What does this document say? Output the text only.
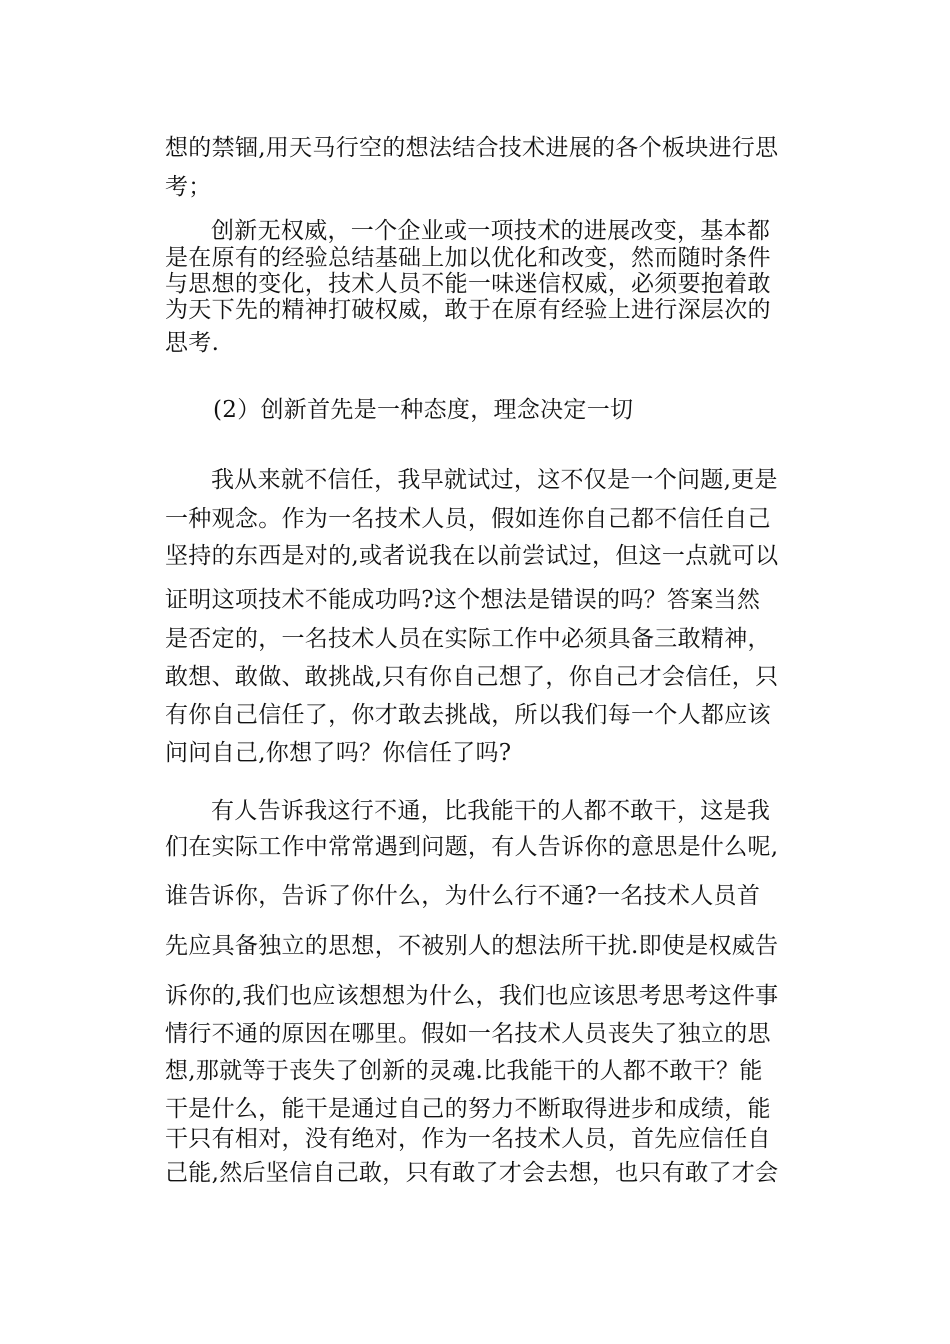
想的禁锢,用天马行空的想法结合技术进展的各个板块进行思

考；

创新无权威，一个企业或一项技术的进展改变，基本都

是在原有的经验总结基础上加以优化和改变，然而随时条件

与思想的变化，技术人员不能一味迷信权威，必须要抱着敢

为天下先的精神打破权威，敢于在原有经验上进行深层次的

思考.

(2）创新首先是一种态度，理念决定一切

我从来就不信任，我早就试过，这不仅是一个问题,更是

一种观念。作为一名技术人员，假如连你自己都不信任自己

坚持的东西是对的,或者说我在以前尝试过，但这一点就可以

证明这项技术不能成功吗?这个想法是错误的吗？答案当然

是否定的，一名技术人员在实际工作中必须具备三敢精神，

敢想、敢做、敢挑战,只有你自己想了，你自己才会信任，只

有你自己信任了，你才敢去挑战，所以我们每一个人都应该

问问自己,你想了吗？你信任了吗?

有人告诉我这行不通，比我能干的人都不敢干，这是我

们在实际工作中常常遇到问题，有人告诉你的意思是什么呢,

谁告诉你，告诉了你什么，为什么行不通?一名技术人员首

先应具备独立的思想，不被别人的想法所干扰.即使是权威告

诉你的,我们也应该想想为什么，我们也应该思考思考这件事

情行不通的原因在哪里。假如一名技术人员丧失了独立的思

想,那就等于丧失了创新的灵魂.比我能干的人都不敢干？能

干是什么，能干是通过自己的努力不断取得进步和成绩，能

干只有相对，没有绝对，作为一名技术人员，首先应信任自

己能,然后坚信自己敢，只有敢了才会去想，也只有敢了才会
